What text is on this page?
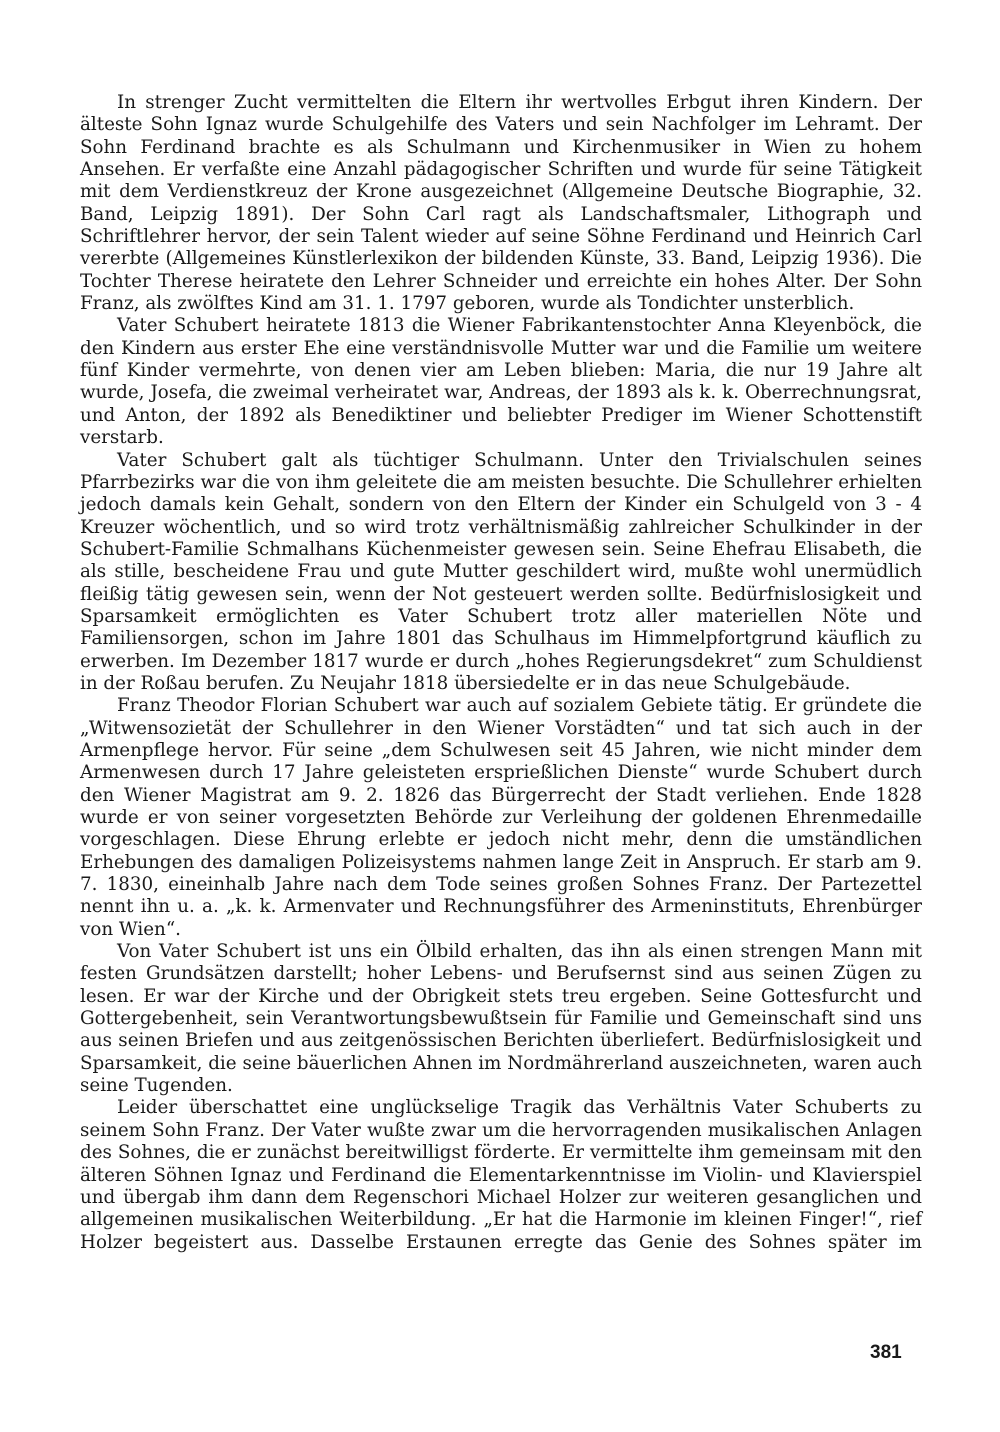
In strenger Zucht vermittelten die Eltern ihr wertvolles Erbgut ihren Kindern. Der älteste Sohn Ignaz wurde Schulgehilfe des Vaters und sein Nachfolger im Lehramt. Der Sohn Ferdinand brachte es als Schulmann und Kirchenmusiker in Wien zu hohem Ansehen. Er verfaßte eine Anzahl pädagogischer Schriften und wurde für seine Tätigkeit mit dem Verdienstkreuz der Krone ausgezeichnet (Allgemeine Deutsche Biographie, 32. Band, Leipzig 1891). Der Sohn Carl ragt als Landschaftsmaler, Lithograph und Schriftlehrer hervor, der sein Talent wieder auf seine Söhne Ferdinand und Heinrich Carl vererbte (Allgemeines Künstlerlexikon der bildenden Künste, 33. Band, Leipzig 1936). Die Tochter Therese heiratete den Lehrer Schneider und erreichte ein hohes Alter. Der Sohn Franz, als zwölftes Kind am 31. 1. 1797 geboren, wurde als Tondichter unsterblich.

Vater Schubert heiratete 1813 die Wiener Fabrikantenstochter Anna Kleyenböck, die den Kindern aus erster Ehe eine verständnisvolle Mutter war und die Familie um weitere fünf Kinder vermehrte, von denen vier am Leben blieben: Maria, die nur 19 Jahre alt wurde, Josefa, die zweimal verheiratet war, Andreas, der 1893 als k. k. Oberrechnungsrat, und Anton, der 1892 als Benediktiner und beliebter Prediger im Wiener Schottenstift verstarb.

Vater Schubert galt als tüchtiger Schulmann. Unter den Trivialschulen seines Pfarrbezirks war die von ihm geleitete die am meisten besuchte. Die Schullehrer erhielten jedoch damals kein Gehalt, sondern von den Eltern der Kinder ein Schulgeld von 3 - 4 Kreuzer wöchentlich, und so wird trotz verhältnismäßig zahlreicher Schulkinder in der Schubert-Familie Schmalhans Küchenmeister gewesen sein. Seine Ehefrau Elisabeth, die als stille, bescheidene Frau und gute Mutter geschildert wird, mußte wohl unermüdlich fleißig tätig gewesen sein, wenn der Not gesteuert werden sollte. Bedürfnislosigkeit und Sparsamkeit ermöglichten es Vater Schubert trotz aller materiellen Nöte und Familiensorgen, schon im Jahre 1801 das Schulhaus im Himmelpfortgrund käuflich zu erwerben. Im Dezember 1817 wurde er durch „hohes Regierungsdekret“ zum Schuldienst in der Roßau berufen. Zu Neujahr 1818 übersiedelte er in das neue Schulgebäude.

Franz Theodor Florian Schubert war auch auf sozialem Gebiete tätig. Er gründete die „Witwensozietät der Schullehrer in den Wiener Vorstädten“ und tat sich auch in der Armenpflege hervor. Für seine „dem Schulwesen seit 45 Jahren, wie nicht minder dem Armenwesen durch 17 Jahre geleisteten ersprießlichen Dienste“ wurde Schubert durch den Wiener Magistrat am 9. 2. 1826 das Bürgerrecht der Stadt verliehen. Ende 1828 wurde er von seiner vorgesetzten Behörde zur Verleihung der goldenen Ehrenmedaille vorgeschlagen. Diese Ehrung erlebte er jedoch nicht mehr, denn die umständlichen Erhebungen des damaligen Polizeisystems nahmen lange Zeit in Anspruch. Er starb am 9. 7. 1830, eineinhalb Jahre nach dem Tode seines großen Sohnes Franz. Der Partezettel nennt ihn u. a. „k. k. Armenvater und Rechnungsführer des Armeninstituts, Ehrenbürger von Wien“.

Von Vater Schubert ist uns ein Ölbild erhalten, das ihn als einen strengen Mann mit festen Grundsätzen darstellt; hoher Lebens- und Berufsernst sind aus seinen Zügen zu lesen. Er war der Kirche und der Obrigkeit stets treu ergeben. Seine Gottesfurcht und Gottergebenheit, sein Verantwortungsbewußtsein für Familie und Gemeinschaft sind uns aus seinen Briefen und aus zeitgenössischen Berichten überliefert. Bedürfnislosigkeit und Sparsamkeit, die seine bäuerlichen Ahnen im Nordmährerland auszeichneten, waren auch seine Tugenden.

Leider überschattet eine unglückselige Tragik das Verhältnis Vater Schuberts zu seinem Sohn Franz. Der Vater wußte zwar um die hervorragenden musikalischen Anlagen des Sohnes, die er zunächst bereitwilligst förderte. Er vermittelte ihm gemeinsam mit den älteren Söhnen Ignaz und Ferdinand die Elementarkenntnisse im Violin- und Klavierspiel und übergab ihm dann dem Regenschori Michael Holzer zur weiteren gesanglichen und allgemeinen musikalischen Weiterbildung. „Er hat die Harmonie im kleinen Finger!“, rief Holzer begeistert aus. Dasselbe Erstaunen erregte das Genie des Sohnes später im

381
